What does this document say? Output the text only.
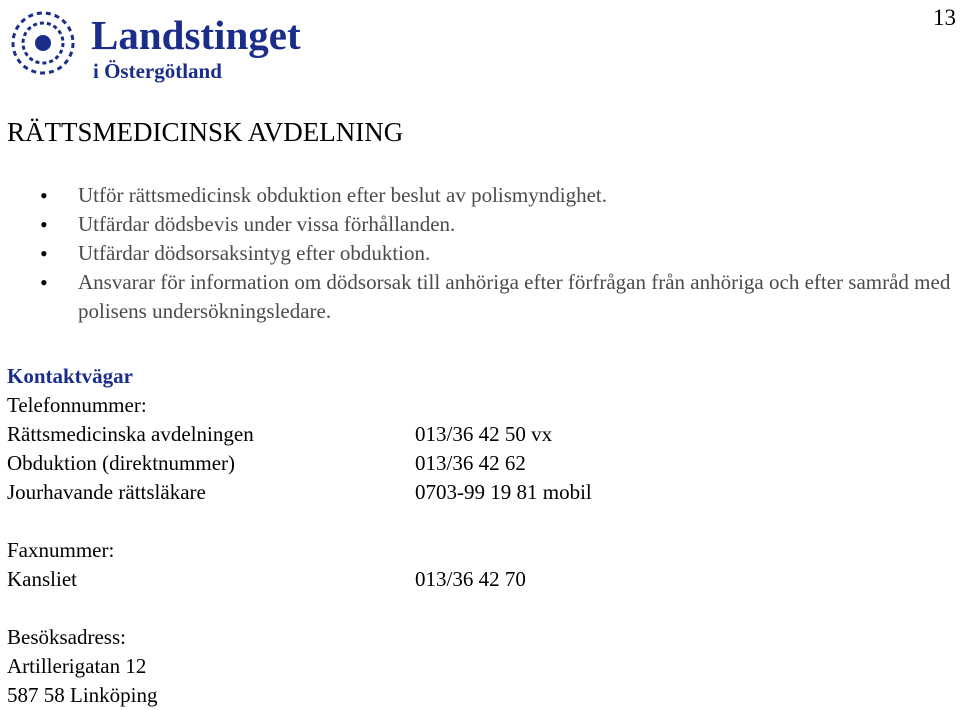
13
Landstinget
i Östergötland
RÄTTSMEDICINSK AVDELNING
• Utför rättsmedicinsk obduktion efter beslut av polismyndighet.
• Utfärdar dödsbevis under vissa förhållanden.
• Utfärdar dödsorsaksintyg efter obduktion.
• Ansvarar för information om dödsorsak till anhöriga efter förfrågan från anhöriga och efter samråd med polisens undersökningsledare.
Kontaktvägar
Telefonnummer:
Rättsmedicinska avdelningen	013/36 42 50 vx
Obduktion (direktnummer)	013/36 42 62
Jourhavande rättsläkare	0703-99 19 81 mobil
Faxnummer:
Kansliet	013/36 42 70
Besöksadress:
Artillerigatan 12
587 58 Linköping
